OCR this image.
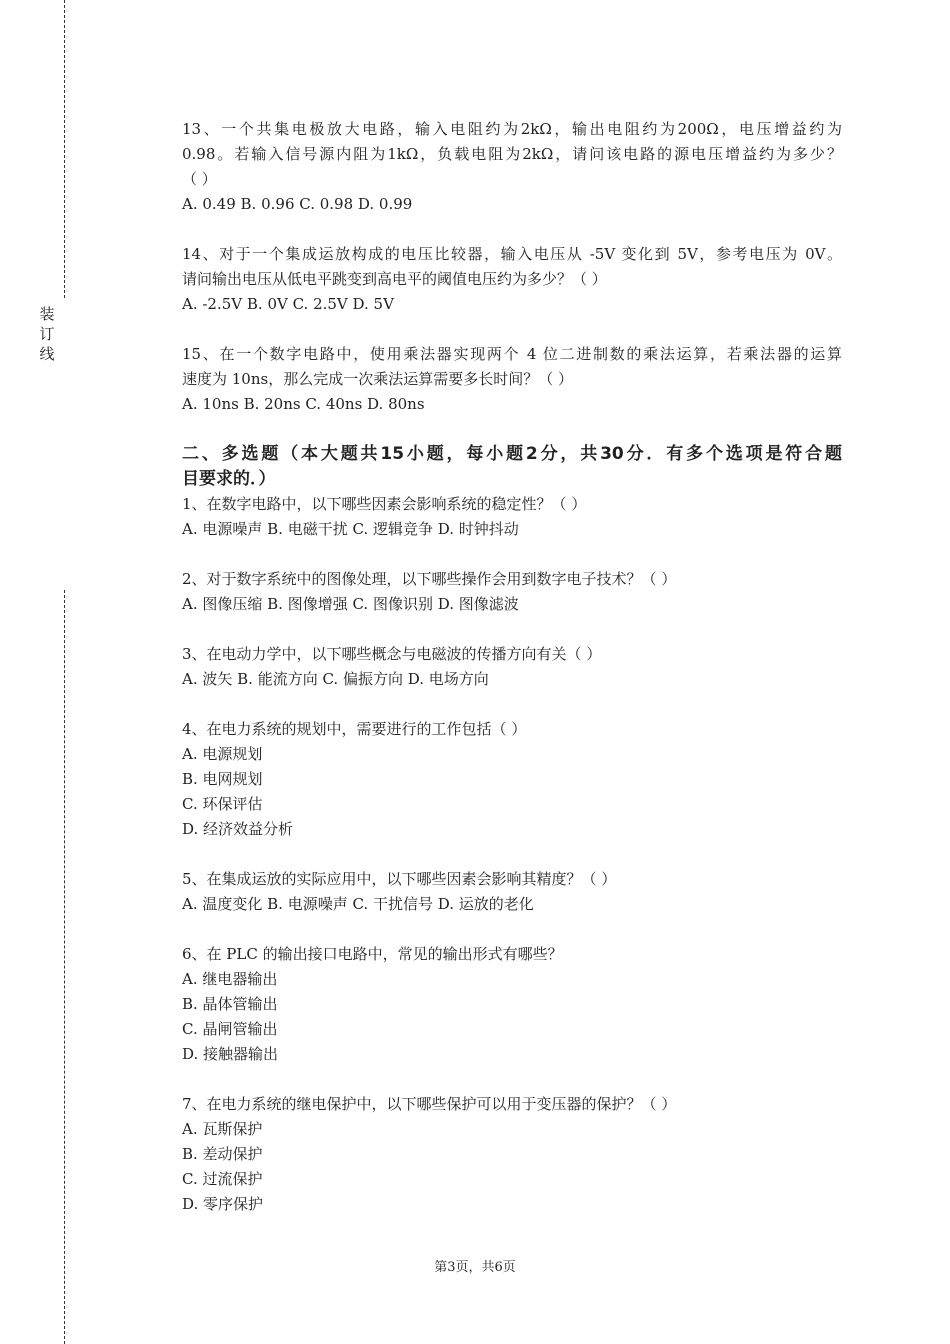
装
订
线
13、一个共集电极放大电路，输入电阻约为2kΩ，输出电阻约为200Ω，电压增益约为
0.98。若输入信号源内阻为1kΩ，负载电阻为2kΩ，请问该电路的源电压增益约为多少？
（ ）
A. 0.49 B. 0.96 C. 0.98 D. 0.99
14、对于一个集成运放构成的电压比较器，输入电压从 -5V 变化到 5V，参考电压为 0V。
请问输出电压从低电平跳变到高电平的阈值电压约为多少？（ ）
A. -2.5V B. 0V C. 2.5V D. 5V
15、在一个数字电路中，使用乘法器实现两个 4 位二进制数的乘法运算，若乘法器的运算
速度为 10ns，那么完成一次乘法运算需要多长时间？（ ）
A. 10ns B. 20ns C. 40ns D. 80ns
二、多选题（本大题共15小题，每小题2分，共30分．有多个选项是符合题
目要求的．）
1、在数字电路中，以下哪些因素会影响系统的稳定性？（ ）
A. 电源噪声 B. 电磁干扰 C. 逻辑竞争 D. 时钟抖动
2、对于数字系统中的图像处理，以下哪些操作会用到数字电子技术？（ ）
A. 图像压缩 B. 图像增强 C. 图像识别 D. 图像滤波
3、在电动力学中，以下哪些概念与电磁波的传播方向有关（ ）
A. 波矢 B. 能流方向 C. 偏振方向 D. 电场方向
4、在电力系统的规划中，需要进行的工作包括（ ）
A. 电源规划
B. 电网规划
C. 环保评估
D. 经济效益分析
5、在集成运放的实际应用中，以下哪些因素会影响其精度？（ ）
A. 温度变化 B. 电源噪声 C. 干扰信号 D. 运放的老化
6、在 PLC 的输出接口电路中，常见的输出形式有哪些？
A. 继电器输出
B. 晶体管输出
C. 晶闸管输出
D. 接触器输出
7、在电力系统的继电保护中，以下哪些保护可以用于变压器的保护？（ ）
A. 瓦斯保护
B. 差动保护
C. 过流保护
D. 零序保护
第3页，共6页
